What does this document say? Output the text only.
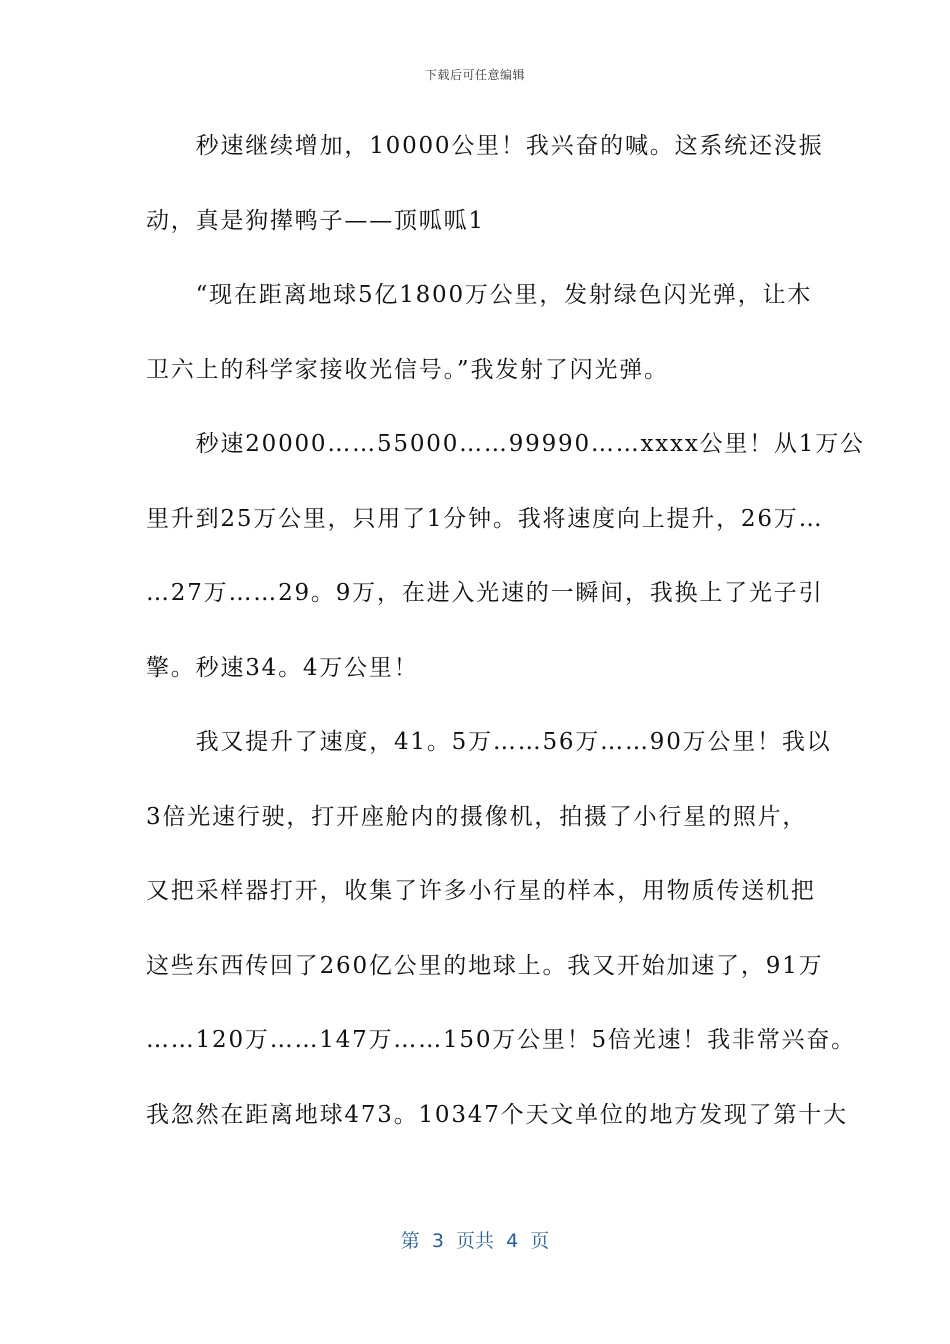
下载后可任意编辑
　　秒速继续增加，10000公里！我兴奋的喊。这系统还没振
动，真是狗撵鸭子——顶呱呱1
　　“现在距离地球5亿1800万公里，发射绿色闪光弹，让木
卫六上的科学家接收光信号。”我发射了闪光弹。
　　秒速20000……55000……99990……xxxx公里！从1万公
里升到25万公里，只用了1分钟。我将速度向上提升，26万…
…27万……29。9万，在进入光速的一瞬间，我换上了光子引
擎。秒速34。4万公里！
　　我又提升了速度，41。5万……56万……90万公里！我以
3倍光速行驶，打开座舱内的摄像机，拍摄了小行星的照片，
又把采样器打开，收集了许多小行星的样本，用物质传送机把
这些东西传回了260亿公里的地球上。我又开始加速了，91万
……120万……147万……150万公里！5倍光速！我非常兴奋。
我忽然在距离地球473。10347个天文单位的地方发现了第十大
第  3  页共  4  页
